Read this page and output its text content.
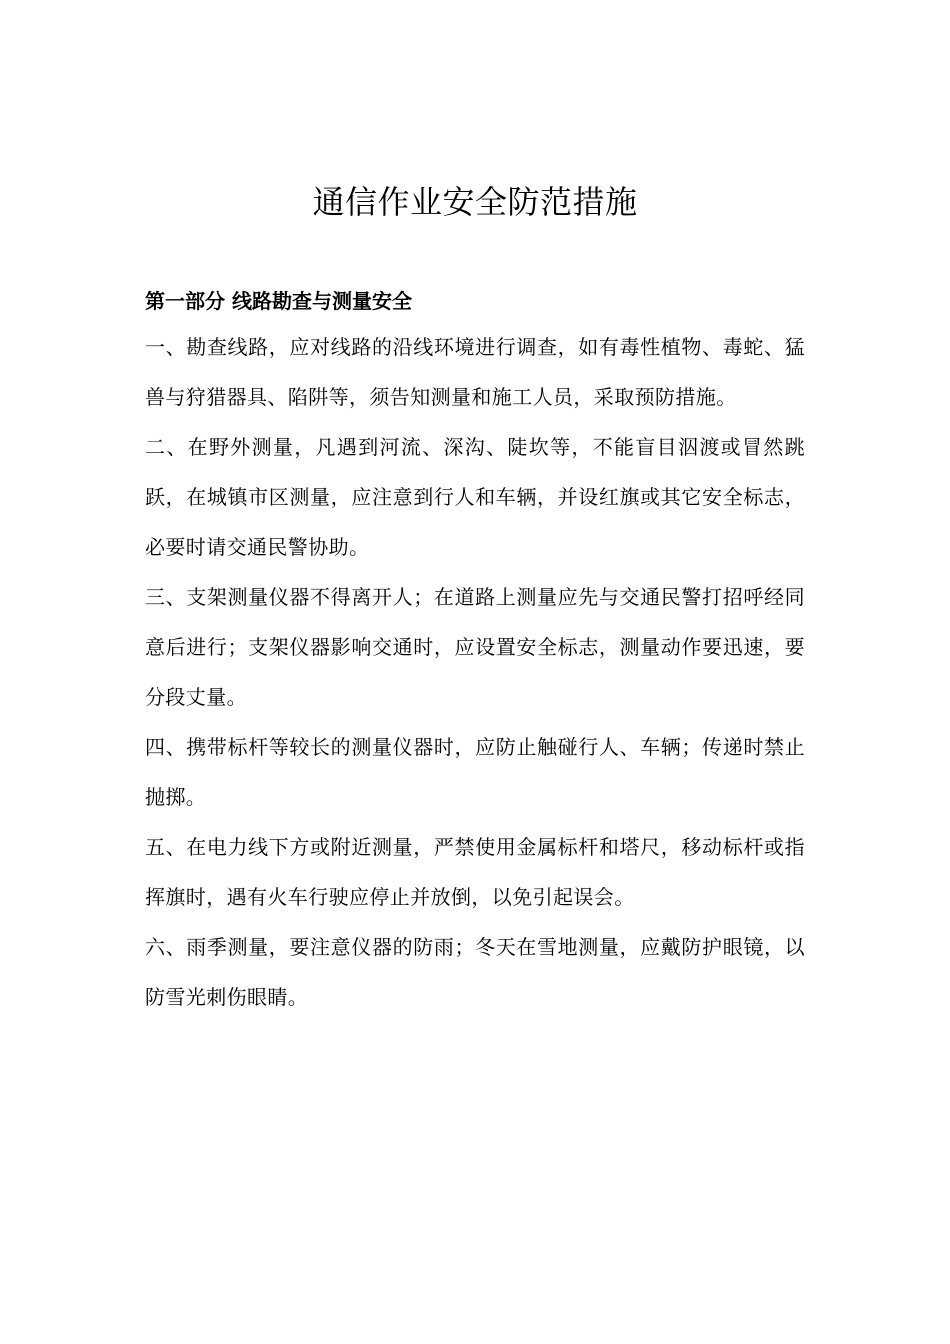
通信作业安全防范措施

第一部分 线路勘查与测量安全

一、勘查线路，应对线路的沿线环境进行调查，如有毒性植物、毒蛇、猛兽与狩猎器具、陷阱等，须告知测量和施工人员，采取预防措施。

二、在野外测量，凡遇到河流、深沟、陡坎等，不能盲目泅渡或冒然跳跃，在城镇市区测量，应注意到行人和车辆，并设红旗或其它安全标志，必要时请交通民警协助。

三、支架测量仪器不得离开人；在道路上测量应先与交通民警打招呼经同意后进行；支架仪器影响交通时，应设置安全标志，测量动作要迅速，要分段丈量。

四、携带标杆等较长的测量仪器时，应防止触碰行人、车辆；传递时禁止抛掷。

五、在电力线下方或附近测量，严禁使用金属标杆和塔尺，移动标杆或指挥旗时，遇有火车行驶应停止并放倒，以免引起误会。

六、雨季测量，要注意仪器的防雨；冬天在雪地测量，应戴防护眼镜，以防雪光刺伤眼睛。
